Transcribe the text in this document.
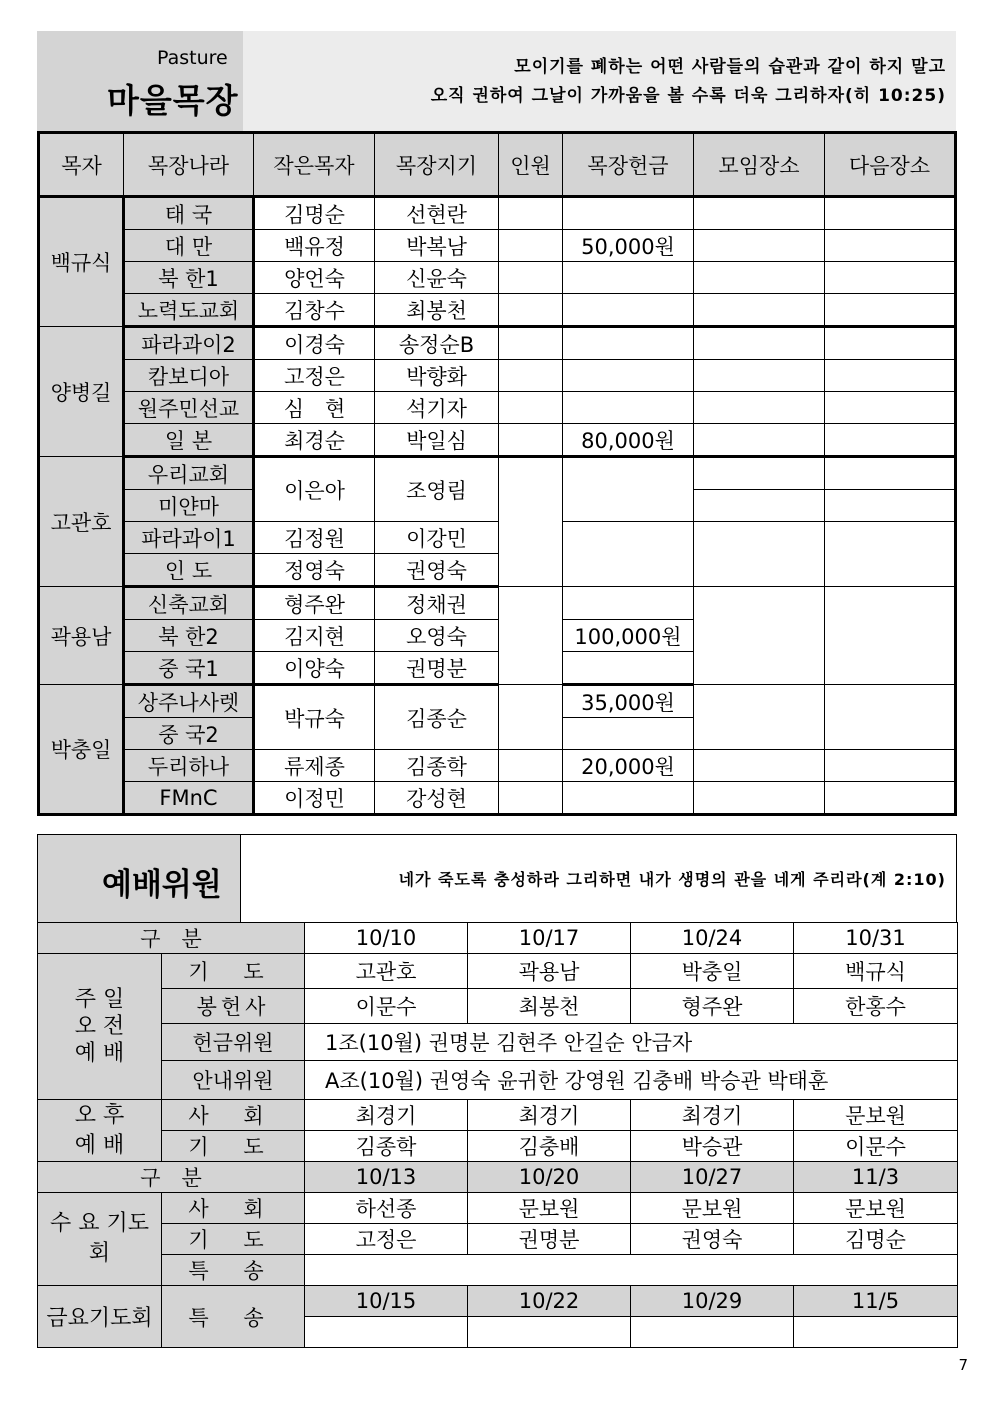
Pasture
마을목장
모이기를 폐하는 어떤 사람들의 습관과 같이 하지 말고
오직 권하여 그날이 가까움을 볼 수록 더욱 그리하자(히 10:25)
목자	목장나라	작은목자	목장지기	인원	목장헌금	모임장소	다음장소
백규식	태 국	김명순	선현란				
	대 만	백유정	박복남		50,000원		
	북 한1	양언숙	신윤숙				
	노력도교회	김창수	최봉천				
양병길	파라과이2	이경숙	송정순B				
	캄보디아	고정은	박향화				
	원주민선교	심　현	석기자				
	일 본	최경순	박일심		80,000원		
고관호	우리교회	이은아	조영림				
	미얀마						
	파라과이1	김정원	이강민				
	인 도	정영숙	권영숙				
곽용남	신축교회	형주완	정채권				
	북 한2	김지현	오영숙		100,000원		
	중 국1	이양숙	권명분				
박충일	상주나사렛	박규숙	김종순		35,000원		
	중 국2						
	두리하나	류제종	김종학		20,000원		
	FMnC	이정민	강성현				
예배위원	네가 죽도록 충성하라 그리하면 내가 생명의 관을 네게 주리라(계 2:10)
구　분		10/10	10/17	10/24	10/31
주 일 오 전 예 배	기 도	고관호	곽용남	박충일	백규식
	봉헌사	이문수	최봉천	형주완	한홍수
	헌금위원	1조(10월) 권명분 김현주 안길순 안금자			
	안내위원	A조(10월) 권영숙 윤귀한 강영원 김충배 박승관 박태훈			
오 후 예 배	사 회	최경기	최경기	최경기	문보원
	기 도	김종학	김충배	박승관	이문수
구　분		10/13	10/20	10/27	11/3
수 요 기도회	사 회	하선종	문보원	문보원	문보원
	기 도	고정은	권명분	권영숙	김명순
	특 송				
금요기도회	특 송	10/15	10/22	10/29	11/5

7
